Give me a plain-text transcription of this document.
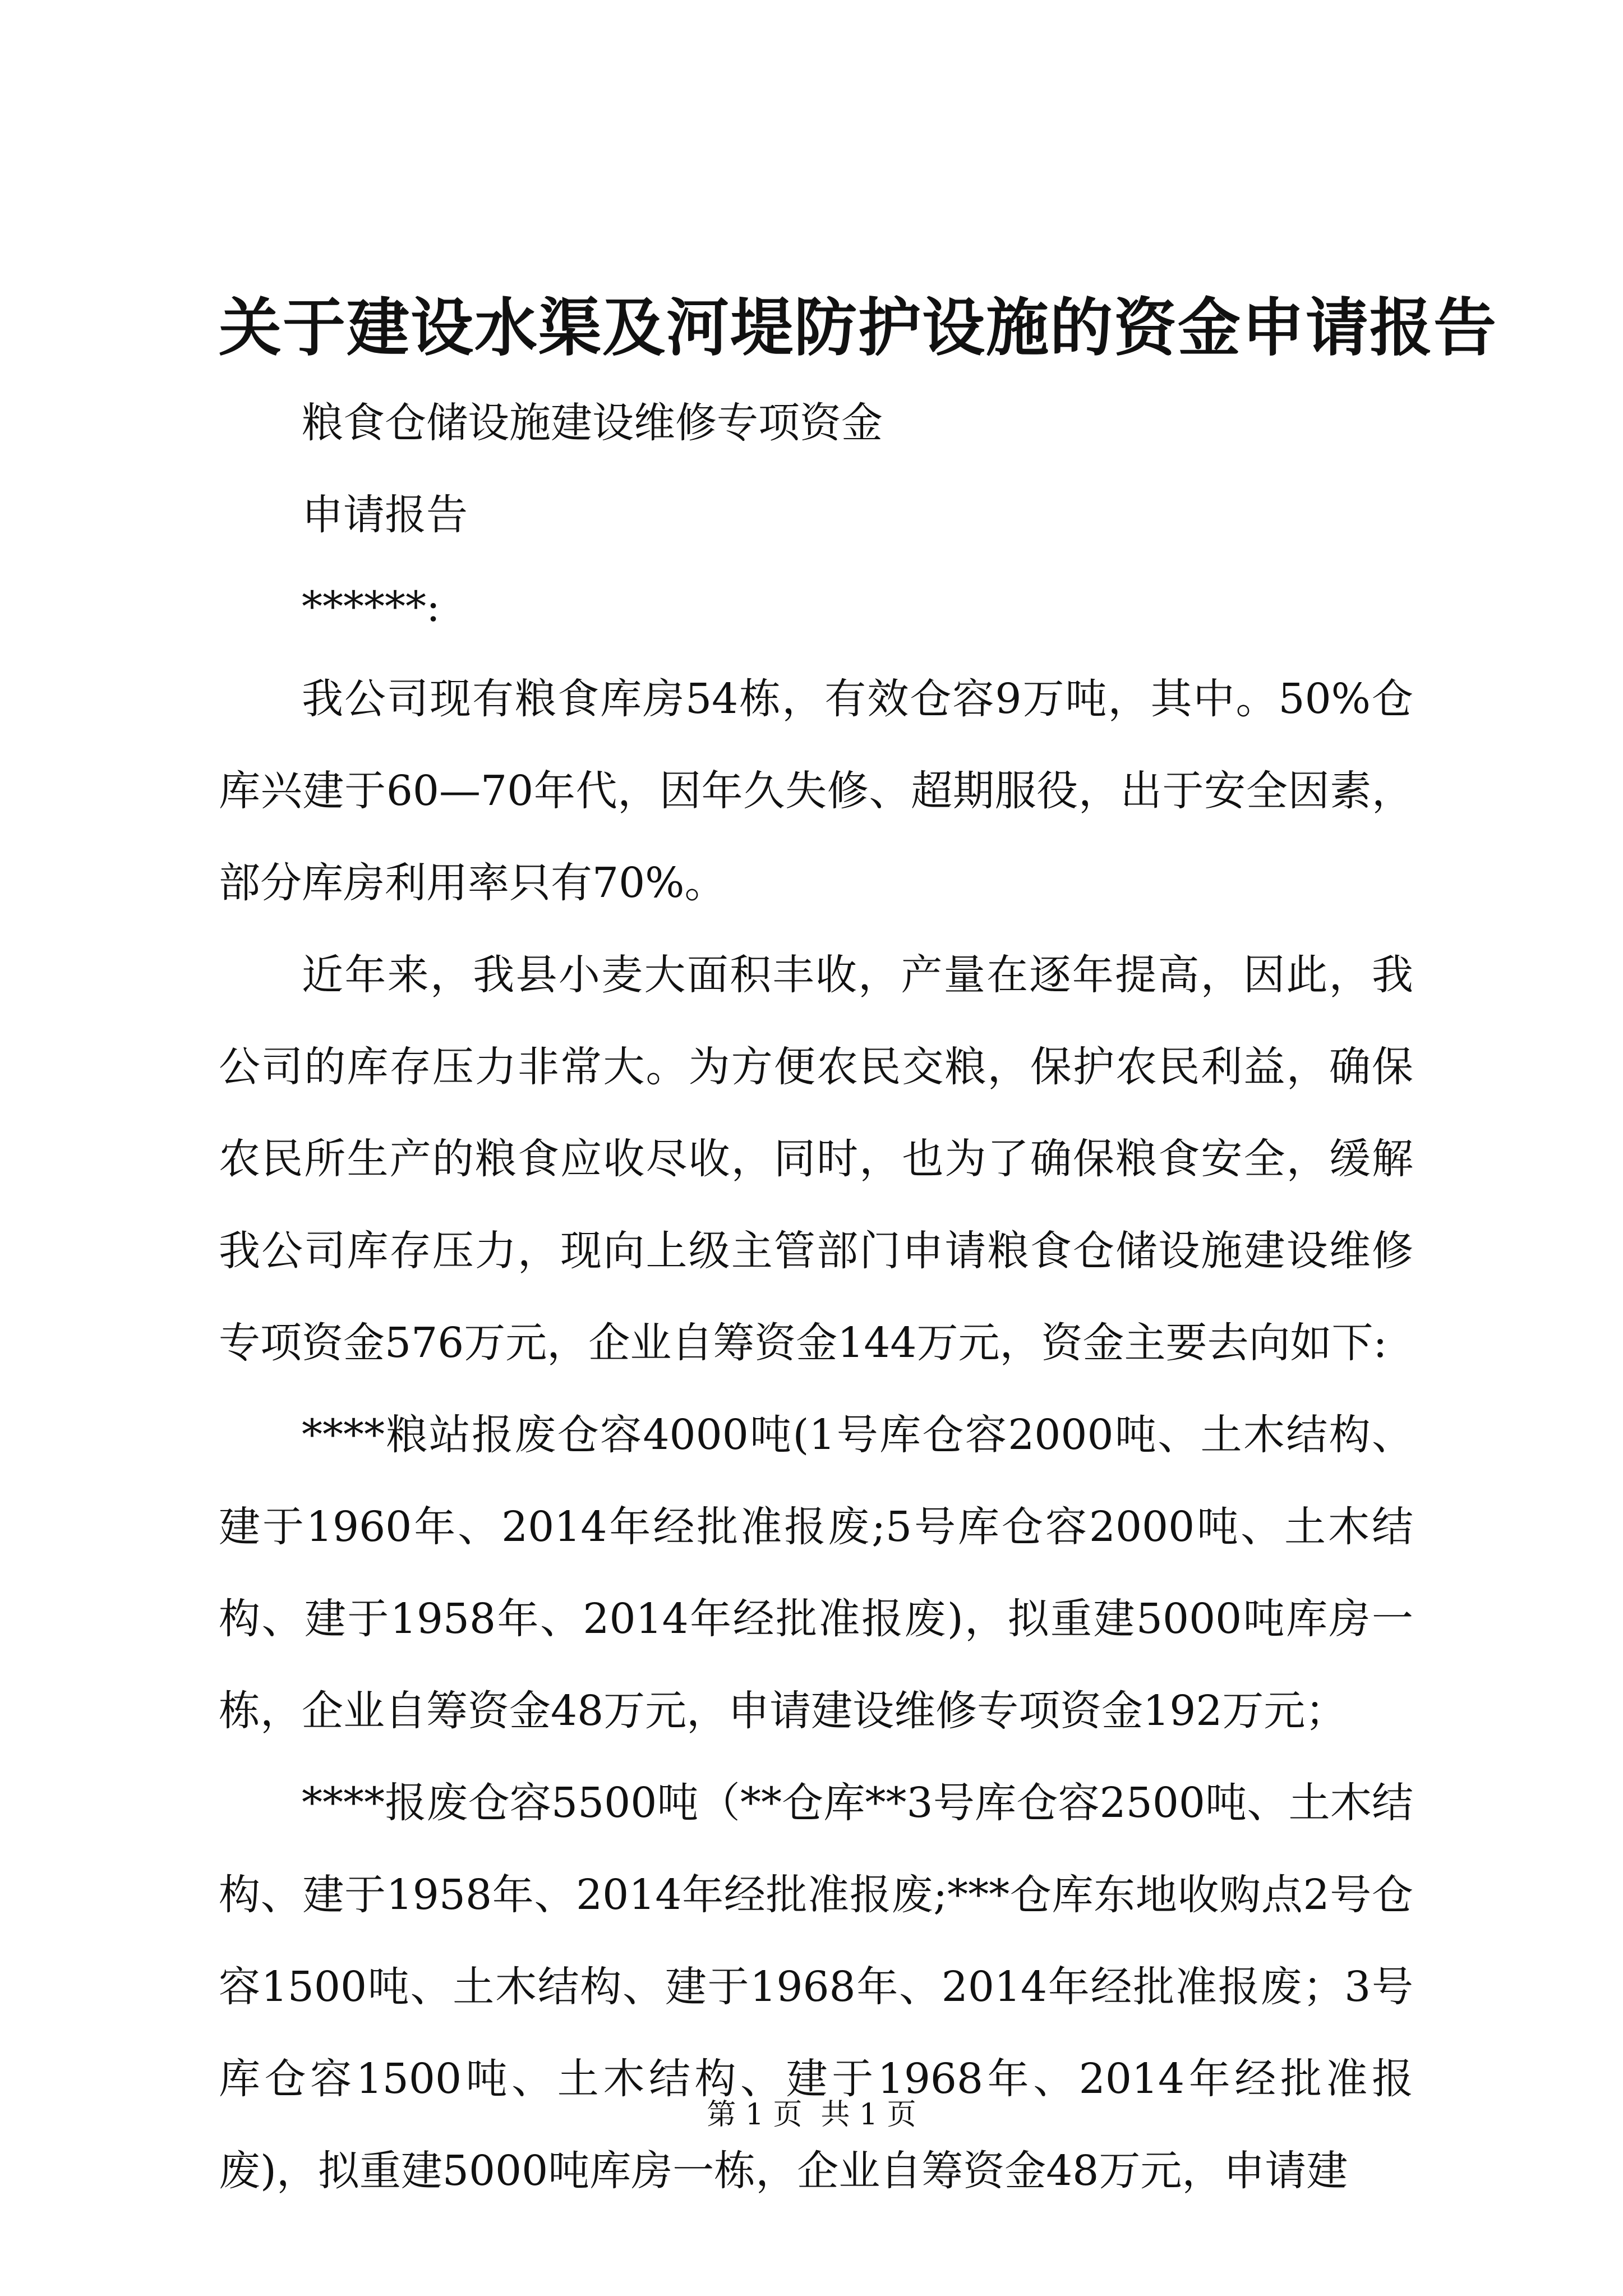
关于建设水渠及河堤防护设施的资金申请报告

粮食仓储设施建设维修专项资金

申请报告

******:

我公司现有粮食库房54栋，有效仓容9万吨，其中。50%仓库兴建于60—70年代，因年久失修、超期服役，出于安全因素，部分库房利用率只有70%。

近年来，我县小麦大面积丰收，产量在逐年提高，因此，我公司的库存压力非常大。为方便农民交粮，保护农民利益，确保农民所生产的粮食应收尽收，同时，也为了确保粮食安全，缓解我公司库存压力，现向上级主管部门申请粮食仓储设施建设维修专项资金576万元，企业自筹资金144万元，资金主要去向如下:

****粮站报废仓容4000吨(1号库仓容2000吨、土木结构、建于1960年、2014年经批准报废;5号库仓容2000吨、土木结构、建于1958年、2014年经批准报废)，拟重建5000吨库房一栋，企业自筹资金48万元，申请建设维修专项资金192万元；

****报废仓容5500吨（**仓库**3号库仓容2500吨、土木结构、建于1958年、2014年经批准报废;***仓库东地收购点2号仓容1500吨、土木结构、建于1968年、2014年经批准报废；3号库仓容1500吨、土木结构、建于1968年、2014年经批准报废)，拟重建5000吨库房一栋，企业自筹资金48万元，申请建

第 1 页  共 1 页
